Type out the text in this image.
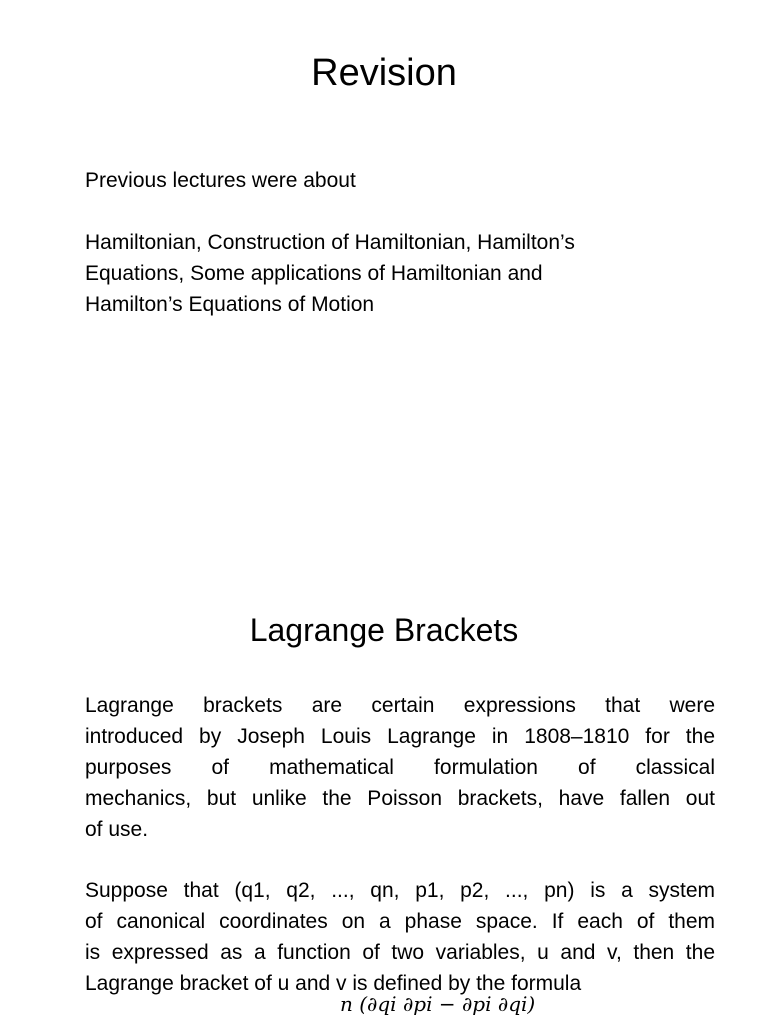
Revision
Previous lectures were about
Hamiltonian, Construction of Hamiltonian, Hamilton’s
Equations, Some applications of Hamiltonian and
Hamilton’s Equations of Motion
Lagrange Brackets
Lagrange brackets are certain expressions that were
introduced by Joseph Louis Lagrange in 1808–1810 for the
purposes of mathematical formulation of classical
mechanics, but unlike the Poisson brackets, have fallen out
of use.
Suppose that (q1, q2, ..., qn, p1, p2, ..., pn) is a system
of canonical coordinates on a phase space. If each of them
is expressed as a function of two variables, u and v, then the
Lagrange bracket of u and v is defined by the formula
n (∂qi ∂pi − ∂pi ∂qi)
